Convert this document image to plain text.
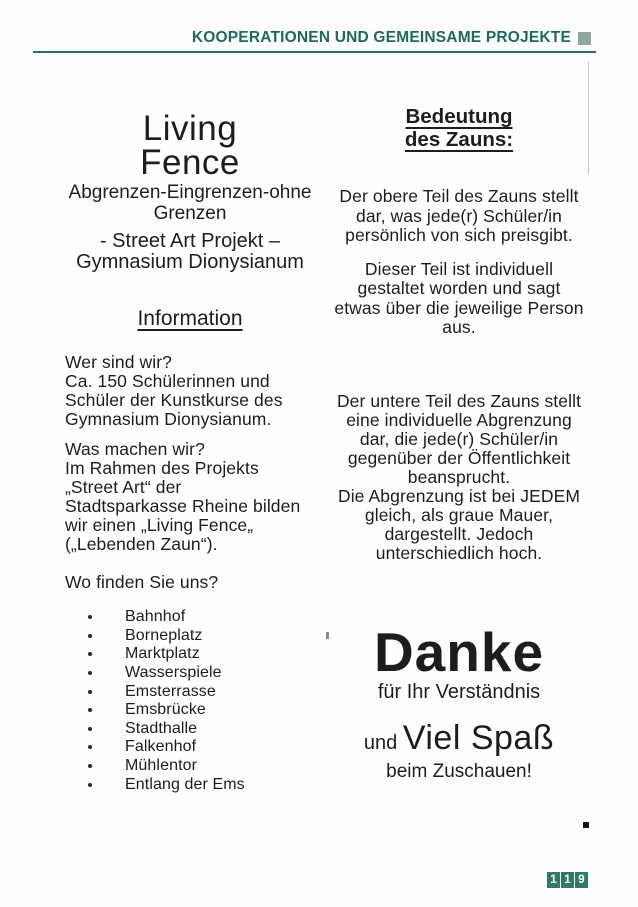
KOOPERATIONEN UND GEMEINSAME PROJEKTE
Living
Fence
Abgrenzen-Eingrenzen-ohne
Grenzen
- Street Art Projekt –
Gymnasium Dionysianum
Information
Wer sind wir?
Ca. 150 Schülerinnen und
Schüler der Kunstkurse des
Gymnasium Dionysianum.
Was machen wir?
Im Rahmen des Projekts
„Street Art“ der
Stadtsparkasse Rheine bilden
wir einen „Living Fence„
(„Lebenden Zaun“).
Wo finden Sie uns?
Bahnhof
Borneplatz
Marktplatz
Wasserspiele
Emsterrasse
Emsbrücke
Stadthalle
Falkenhof
Mühlentor
Entlang der Ems
Bedeutung
des Zauns:
Der obere Teil des Zauns stellt
dar, was jede(r) Schüler/in
persönlich von sich preisgibt.
Dieser Teil ist individuell
gestaltet worden und sagt
etwas über die jeweilige Person
aus.
Der untere Teil des Zauns stellt
eine individuelle Abgrenzung
dar, die jede(r) Schüler/in
gegenüber der Öffentlichkeit
beansprucht.
Die Abgrenzung ist bei JEDEM
gleich, als graue Mauer,
dargestellt. Jedoch
unterschiedlich hoch.
Danke
für Ihr Verständnis
und Viel Spaß
beim Zuschauen!
1 1 9
